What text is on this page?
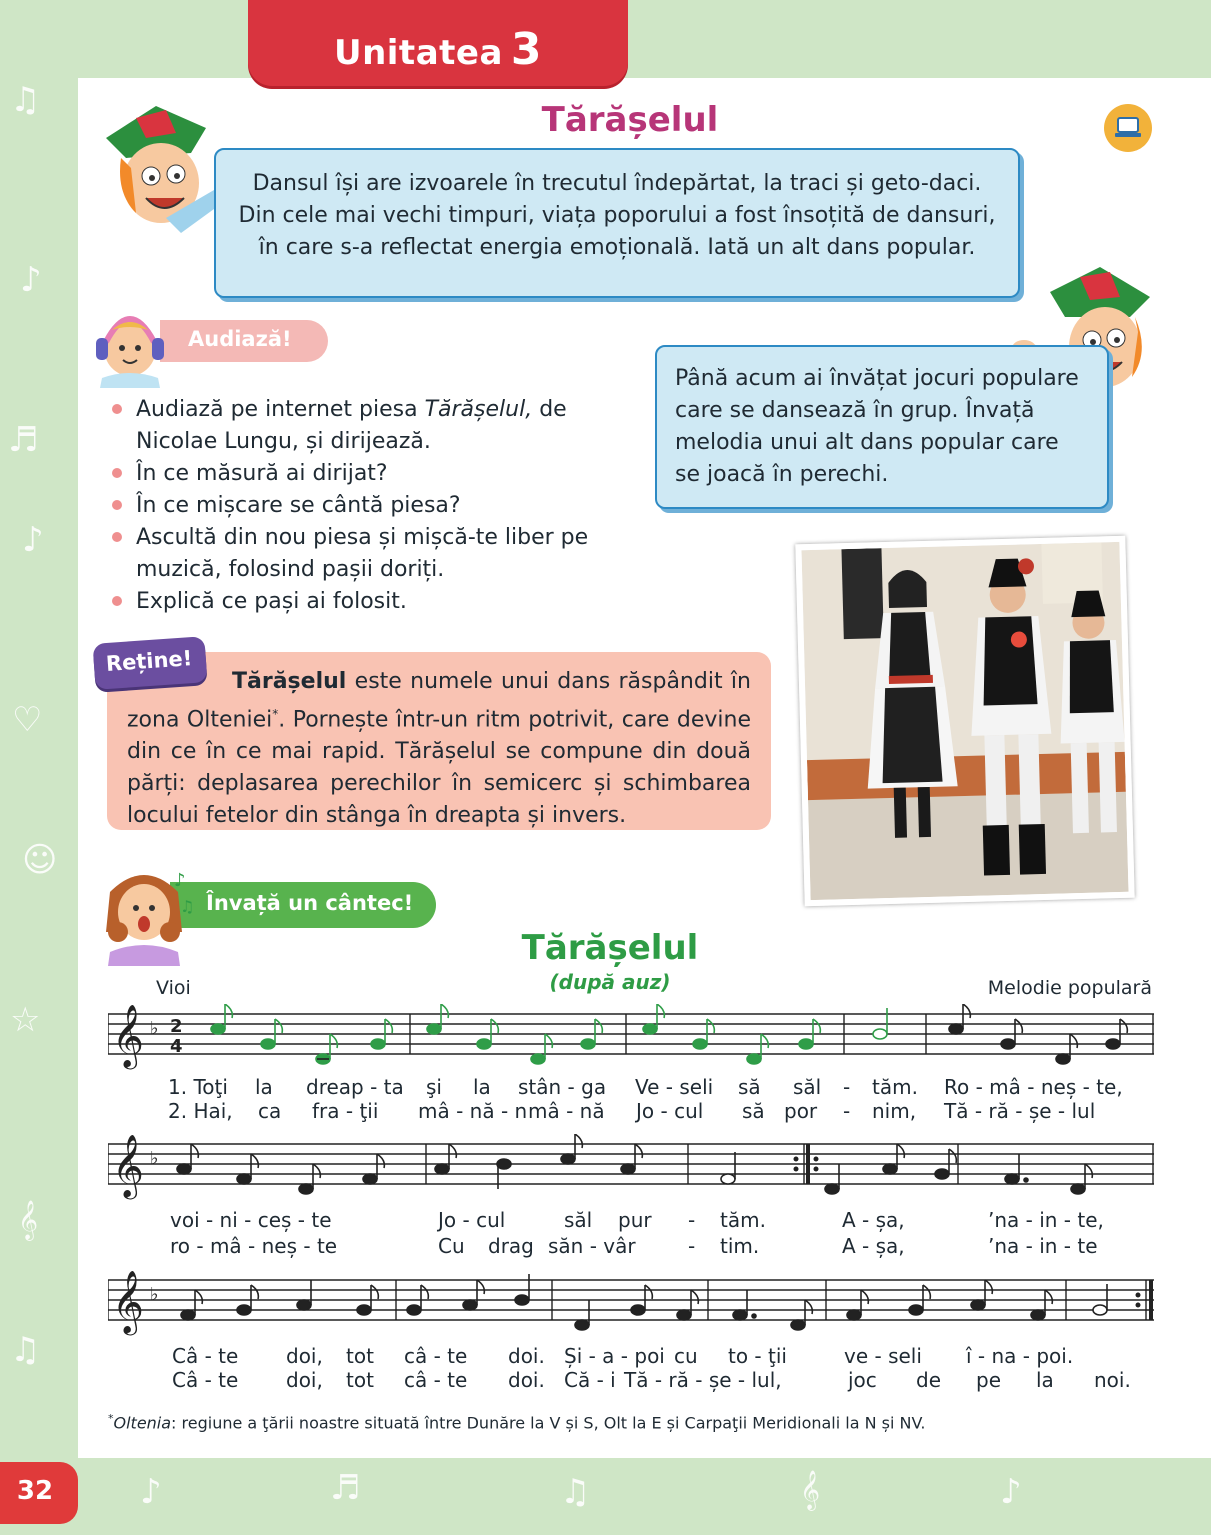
♫
♪
♬
♪
♡
☺
☆
𝄞
♫
♪	♬	♫	𝄞	♪
Unitatea 3
Tărășelul

Dansul își are izvoarele în trecutul îndepărtat, la traci și geto-daci. Din cele mai vechi timpuri, viața poporului a fost însoțită de dansuri, în care s-a reflectat energia emoțională. Iată un alt dans popular.

Până acum ai învățat jocuri populare care se dansează în grup. Învață melodia unui alt dans popular care se joacă în perechi.

Audiază!
Audiază pe internet piesa Tărășelul, de Nicolae Lungu, și dirijează.
În ce măsură ai dirijat?
În ce mișcare se cântă piesa?
Ascultă din nou piesa și mișcă-te liber pe muzică, folosind pașii doriți.
Explică ce pași ai folosit.

Tărășelul este numele unui dans răspândit în zona Olteniei*. Pornește într-un ritm potrivit, care devine din ce în ce mai rapid. Tărășelul se compune din două părți: deplasarea perechilor în semicerc și schimbarea locului fetelor din stânga în dreapta și invers.

Reține!
Învață un cântec!
♪
♫
Tărășelul
(după auz)
Vioi	Melodie populară
𝄞 ♭ 2
4
1. Toţi la dreap - ta şi la stân - ga Ve - seli să săl - tăm. Ro - mâ - neș - te,
2. Hai, ca fra - ţii mâ - nă - n mâ - nă Jo - cul să por - nim, Tă - ră - șe - lul
𝄞 ♭
voi - ni - ceș - te	Jo - cul	săl pur - tăm.	A - șa,	’na - in - te,
ro - mâ - neș - te	Cu drag săn - vâr	- tim.	A - șa,	’na - in - te
𝄞 ♭
Câ - te doi, tot câ - te doi. Și - a - poi cu to - ţii	ve - seli î - na - poi.
Câ - te doi, tot câ - te doi. Că - i Tă - ră - șe - lul,	joc de pe la noi.
*Oltenia: regiune a ţării noastre situată între Dunăre la V și S, Olt la E și Carpaţii Meridionali la N și NV.
32
